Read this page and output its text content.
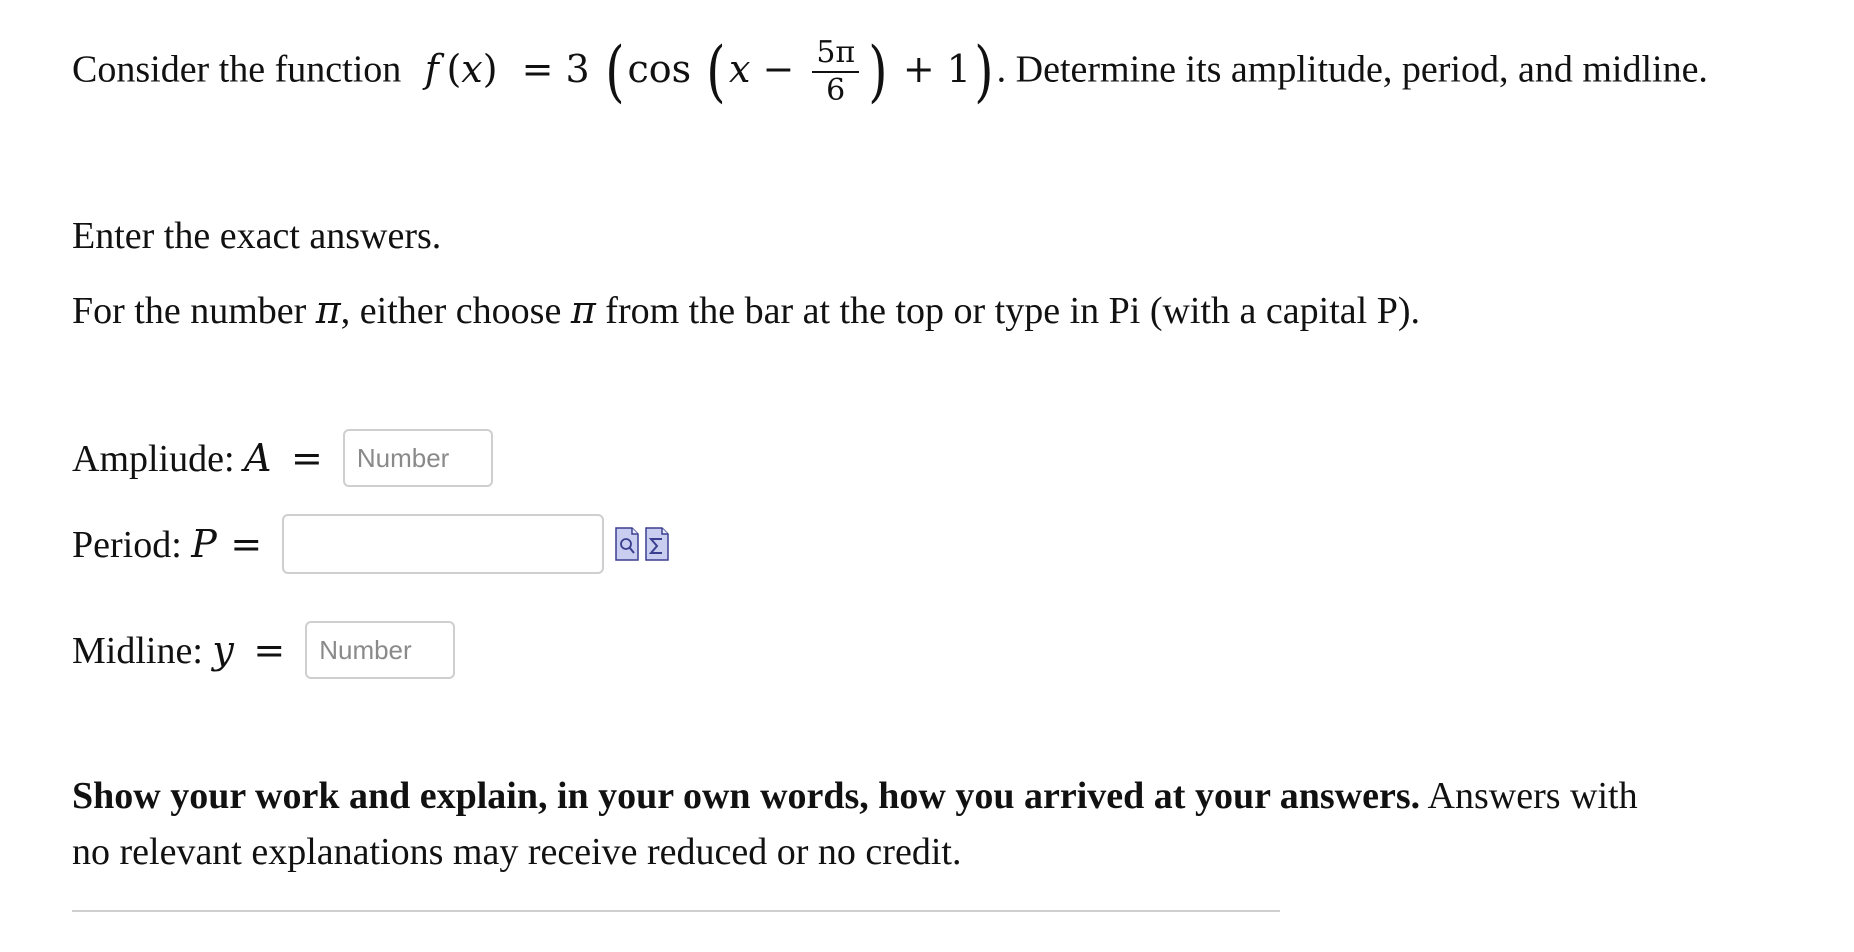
Consider the function f (x) = 3 (cos ($x - \frac{5\pi}{6}$ ) + 1). Determine its amplitude, period, and midline.
Enter the exact answers.
For the number π, either choose π from the bar at the top or type in Pi (with a capital P).
Ampliude: A =
Number
Period: P =
Midline: y =
Number
Show your work and explain, in your own words, how you arrived at your answers. Answers with
no relevant explanations may receive reduced or no credit.
